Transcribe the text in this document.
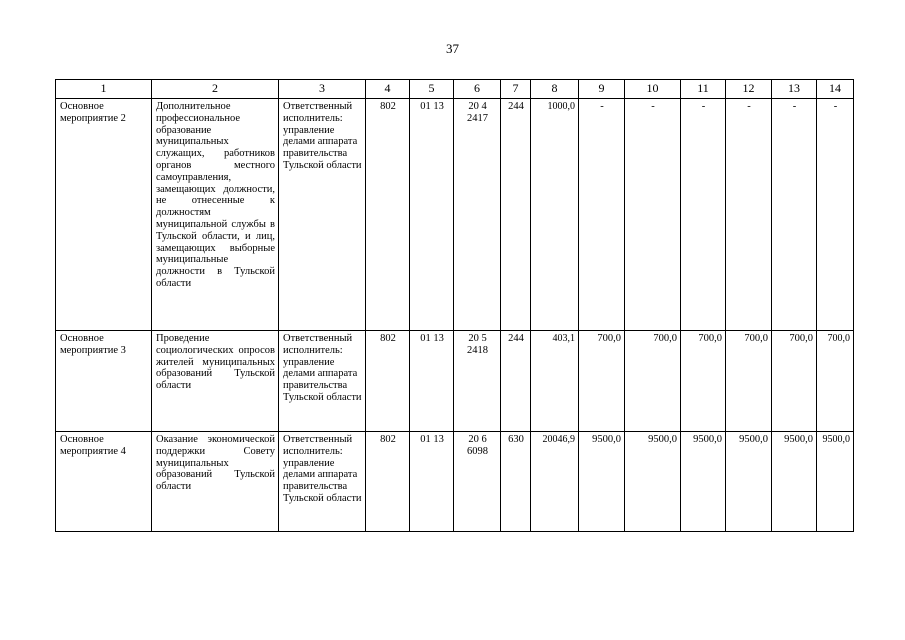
37
1	2	3	4	5	6	7	8	9	10	11	12	13	14
Основное мероприятие 2	Дополнительное профессиональное образование муниципальных служащих, работников органов местного самоуправления, замещающих должности, не отнесенные к должностям муниципальной службы в Тульской области, и лиц, замещающих выборные муниципальные должности в Тульской области	Ответственный исполнитель: управление делами аппарата правительства Тульской области	802	01 13	20 4 2417	244	1000,0	-	-	-	-	-	-
Основное мероприятие 3	Проведение социологических опросов жителей муниципальных образований Тульской области	Ответственный исполнитель: управление делами аппарата правительства Тульской области	802	01 13	20 5 2418	244	403,1	700,0	700,0	700,0	700,0	700,0	700,0
Основное мероприятие 4	Оказание экономической поддержки Совету муниципальных образований Тульской области	Ответственный исполнитель: управление делами аппарата правительства Тульской области	802	01 13	20 6 6098	630	20046,9	9500,0	9500,0	9500,0	9500,0	9500,0	9500,0
